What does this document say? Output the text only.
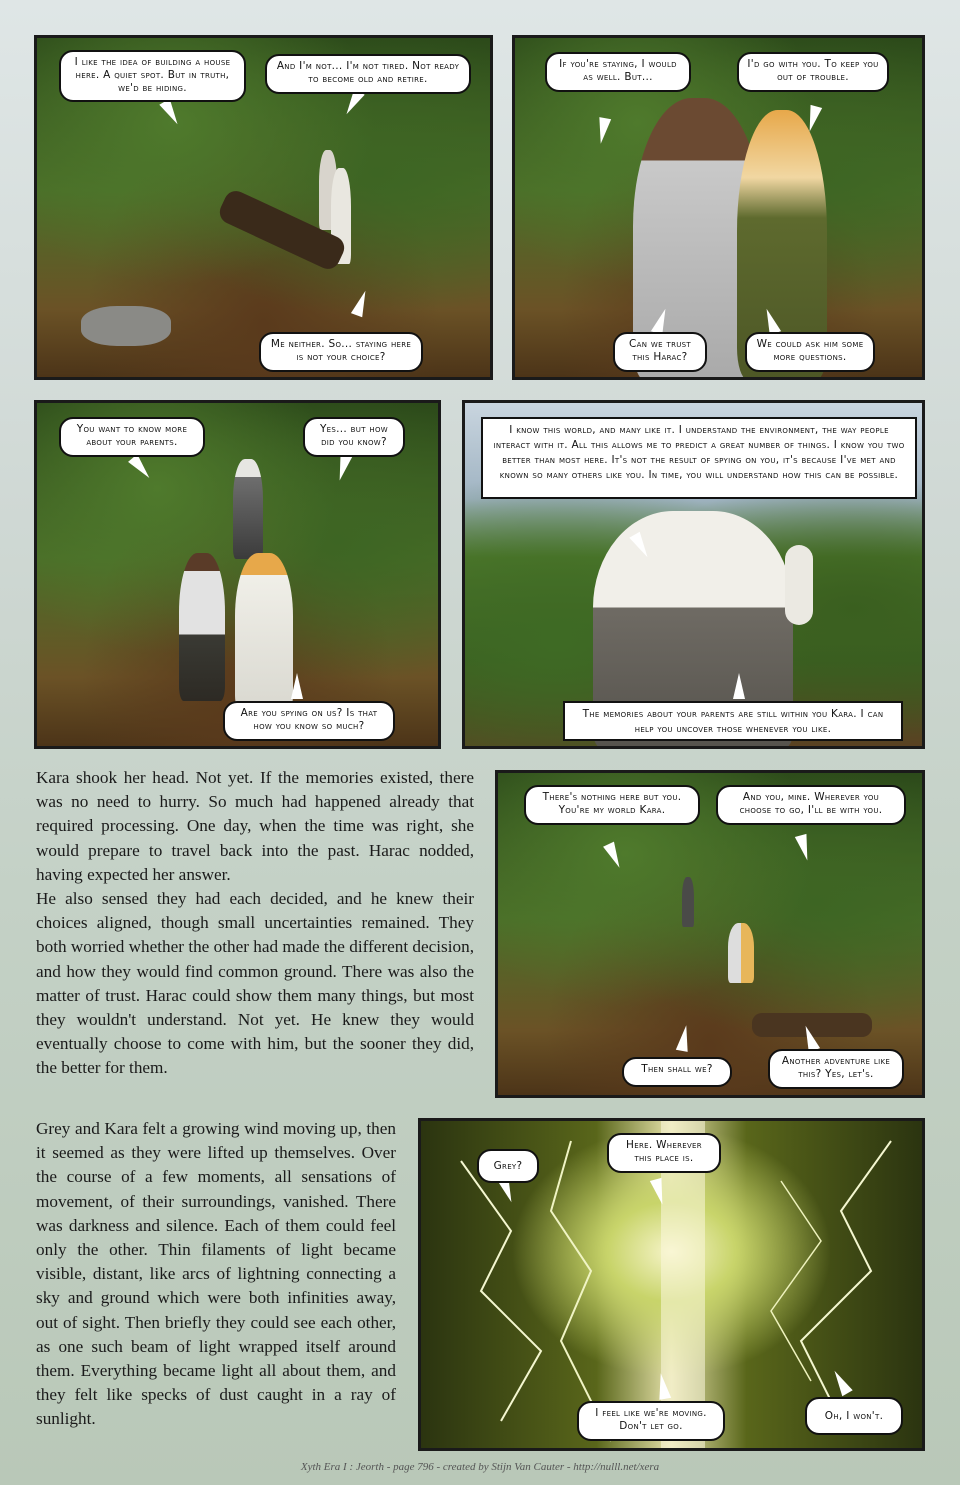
I like the idea of building a house here. A quiet spot. But in truth, we'd be hiding.
And I'm not... I'm not tired. Not ready to become old and retire.
Me neither. So... staying here is not your choice?
If you're staying, I would as well. But...
I'd go with you. To keep you out of trouble.
Can we trust this Harac?
We could ask him some more questions.
You want to know more about your parents.
Yes... but how did you know?
Are you spying on us? Is that how you know so much?
I know this world, and many like it. I understand the environment, the way people interact with it. All this allows me to predict a great number of things. I know you two better than most here. It's not the result of spying on you, it's because I've met and known so many others like you. In time, you will understand how this can be possible.
The memories about your parents are still within you Kara. I can help you uncover those whenever you like.
There's nothing here but you. You're my world Kara.
And you, mine. Wherever you choose to go, I'll be with you.
Then shall we?
Another adventure like this? Yes, let's.
Grey?
Here. Wherever this place is.
I feel like we're moving. Don't let go.
Oh, I won't.

Kara shook her head. Not yet. If the memories existed, there was no need to hurry. So much had happened already that required processing. One day, when the time was right, she would prepare to travel back into the past. Harac nodded, having expected her answer.

He also sensed they had each decided, and he knew their choices aligned, though small uncertainties remained. They both worried whether the other had made the different decision, and how they would find common ground. There was also the matter of trust. Harac could show them many things, but most they wouldn't understand. Not yet. He knew they would eventually choose to come with him, but the sooner they did, the better for them.

Grey and Kara felt a growing wind moving up, then it seemed as they were lifted up themselves. Over the course of a few moments, all sensations of movement, of their surroundings, vanished. There was darkness and silence. Each of them could feel only the other. Thin filaments of light became visible, distant, like arcs of lightning connecting a sky and ground which were both infinities away, out of sight. Then briefly they could see each other, as one such beam of light wrapped itself around them. Everything became light all about them, and they felt like specks of dust caught in a ray of sunlight.

Xyth Era I : Jeorth - page 796 - created by Stijn Van Cauter - http://nulll.net/xera
